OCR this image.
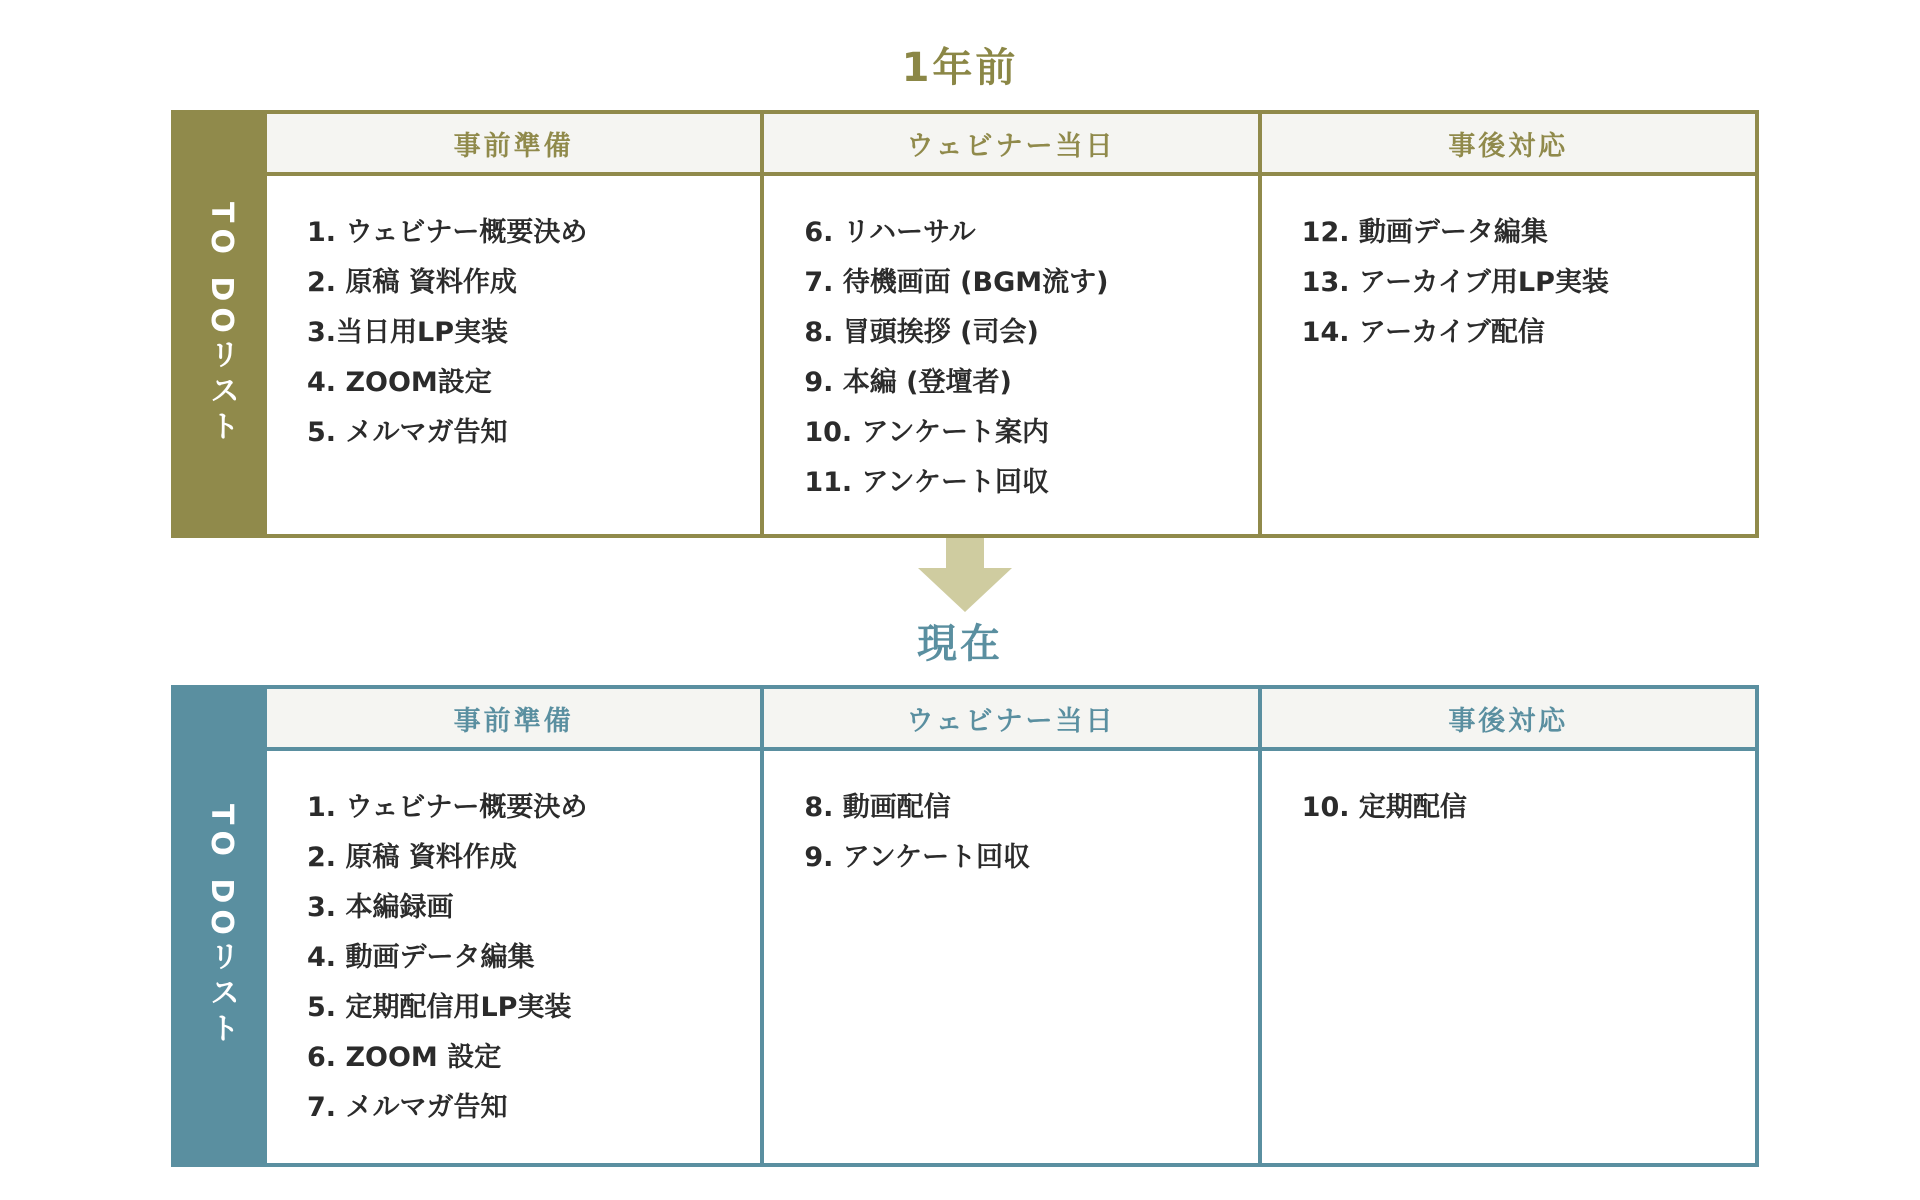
1年前
TO DOリスト
事前準備
1. ウェビナー概要決め
2. 原稿 資料作成
3.当日用LP実装
4. ZOOM設定
5. メルマガ告知
ウェビナー当日
6. リハーサル
7. 待機画面 (BGM流す)
8. 冒頭挨拶 (司会)
9. 本編 (登壇者)
10. アンケート案内
11. アンケート回収
事後対応
12. 動画データ編集
13. アーカイブ用LP実装
14. アーカイブ配信
現在
TO DOリスト
事前準備
1. ウェビナー概要決め
2. 原稿 資料作成
3. 本編録画
4. 動画データ編集
5. 定期配信用LP実装
6. ZOOM 設定
7. メルマガ告知
ウェビナー当日
8. 動画配信
9. アンケート回収
事後対応
10. 定期配信
